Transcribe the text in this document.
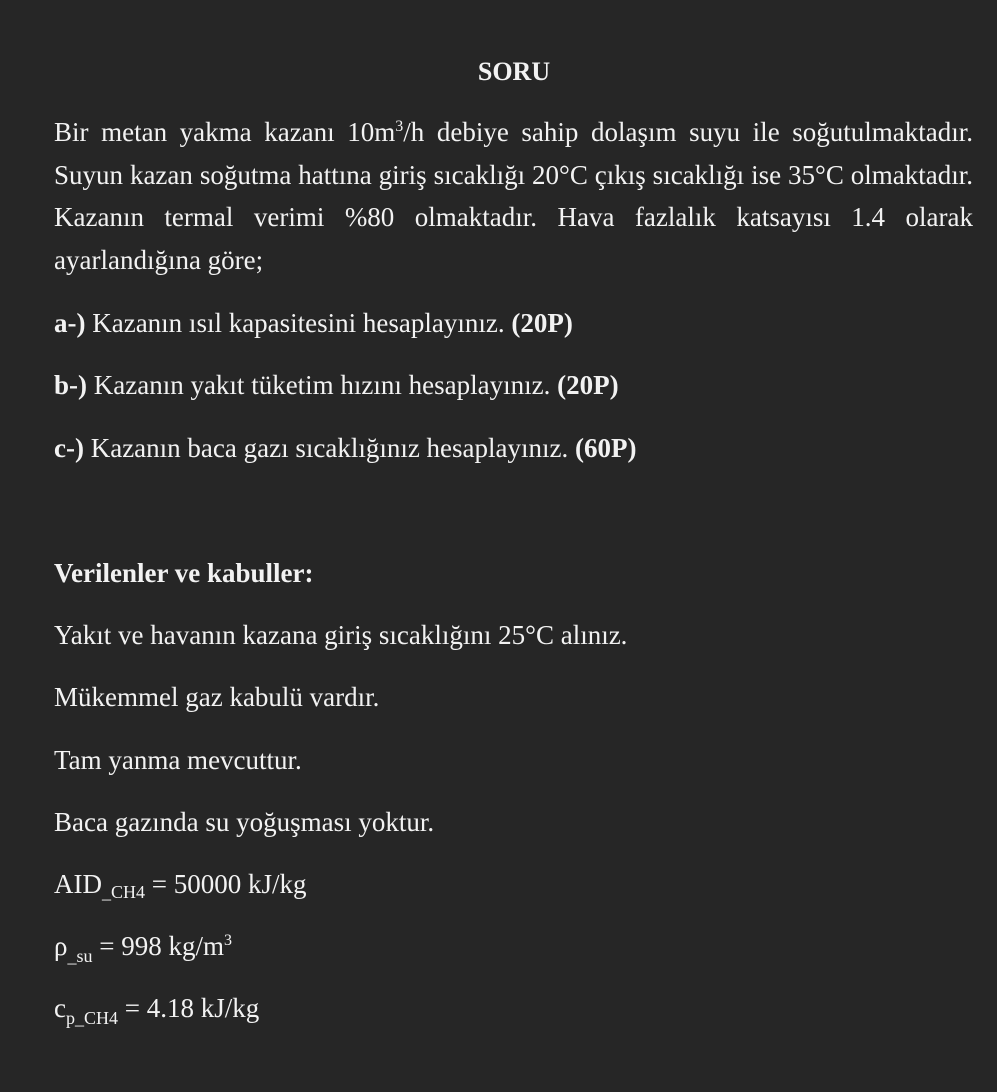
SORU
Bir metan yakma kazanı $10m^3/h$ debiye sahip dolaşım suyu ile soğutulmaktadır. Suyun kazan soğutma hattına giriş sıcaklığı 20°C çıkış sıcaklığı ise 35°C olmaktadır. Kazanın termal verimi %80 olmaktadır. Hava fazlalık katsayısı 1.4 olarak ayarlandığına göre;
a-) Kazanın ısıl kapasitesini hesaplayınız. (20P)
b-) Kazanın yakıt tüketim hızını hesaplayınız. (20P)
c-) Kazanın baca gazı sıcaklığınız hesaplayınız. (60P)
Verilenler ve kabuller:
Yakıt ve havanın kazana giriş sıcaklığını 25°C alınız.
Mükemmel gaz kabulü vardır.
Tam yanma mevcuttur.
Baca gazında su yoğuşması yoktur.
$AID_{\_CH4} = 50000$ kJ/kg
$\rho_{\_su} = 998$ $kg/m^3$
$c_{p\_CH4} = 4.18$ kJ/kg
